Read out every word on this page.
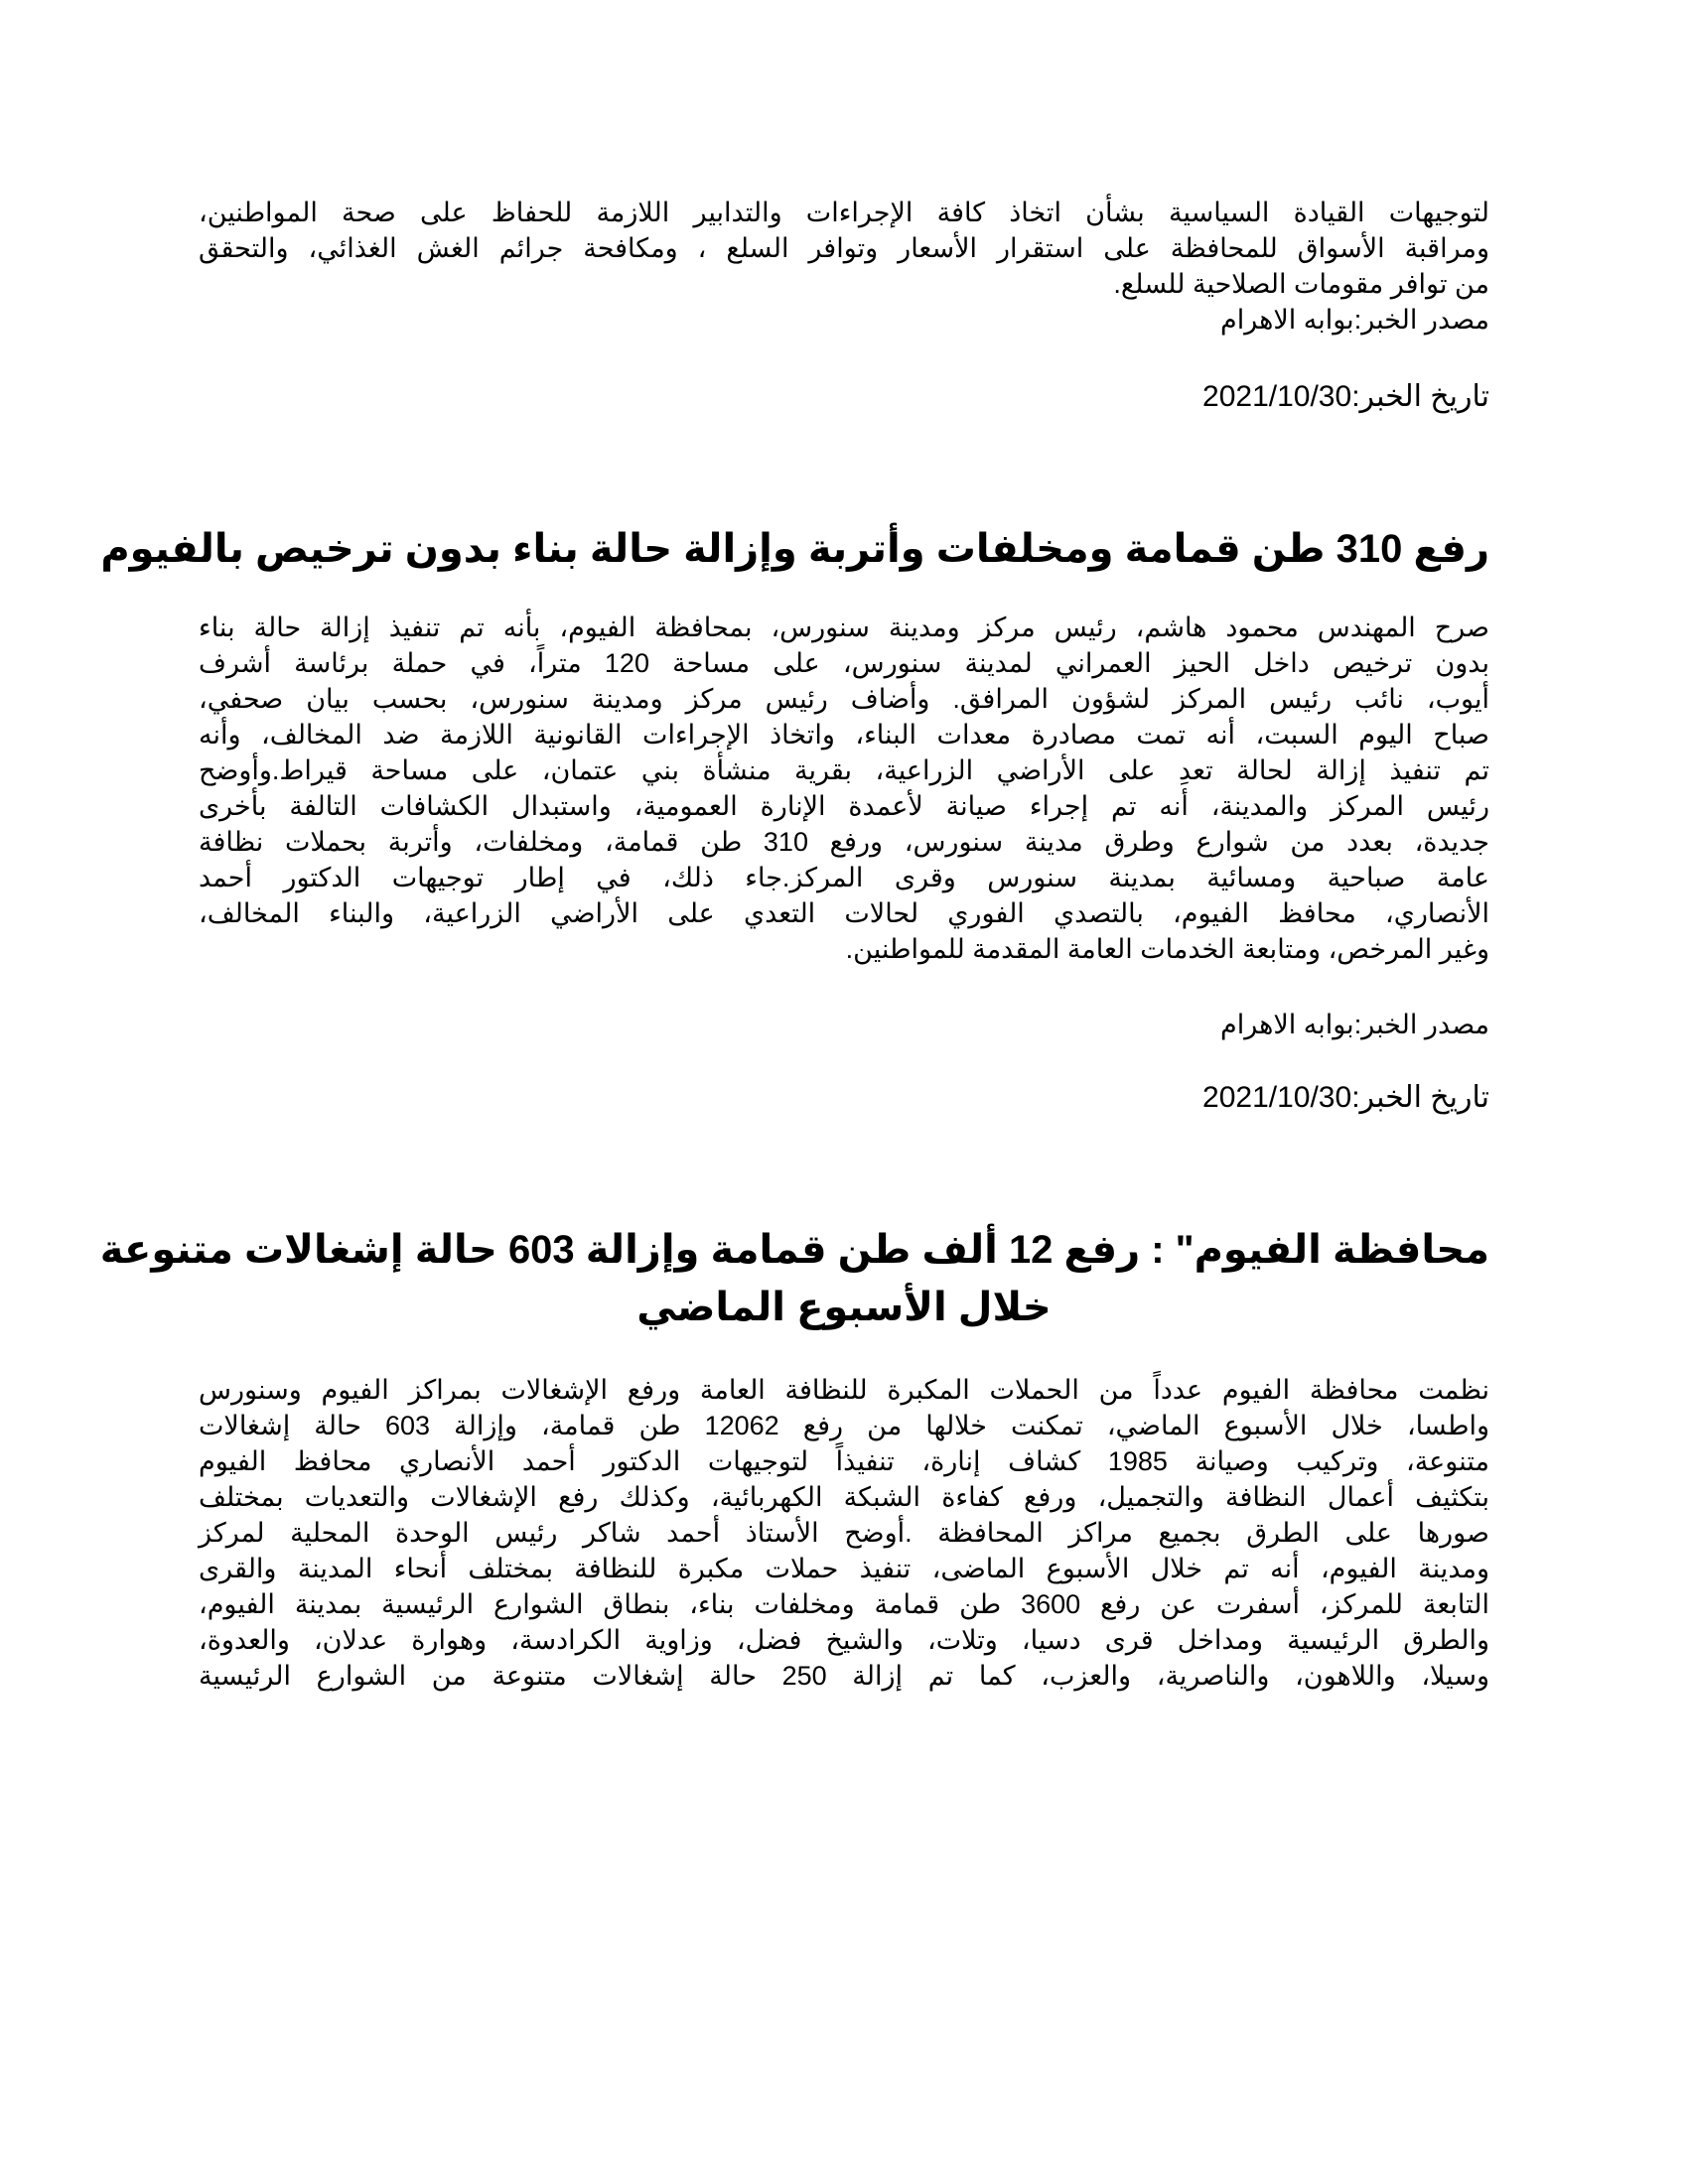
لتوجيهات القيادة السياسية بشأن اتخاذ كافة الإجراءات والتدابير اللازمة للحفاظ على صحة المواطنين،
ومراقبة الأسواق للمحافظة على استقرار الأسعار وتوافر السلع ، ومكافحة جرائم الغش الغذائي، والتحقق
من توافر مقومات الصلاحية للسلع.
مصدر الخبر:بوابه الاهرام
تاريخ الخبر:2021/10/30
رفع 310 طن قمامة ومخلفات وأتربة وإزالة حالة بناء بدون ترخيص بالفيوم
صرح المهندس محمود هاشم، رئيس مركز ومدينة سنورس، بمحافظة الفيوم، بأنه تم تنفيذ إزالة حالة بناء
بدون ترخيص داخل الحيز العمراني لمدينة سنورس، على مساحة 120 متراً، في حملة برئاسة أشرف
أيوب، نائب رئيس المركز لشؤون المرافق. وأضاف رئيس مركز ومدينة سنورس، بحسب بيان صحفي،
صباح اليوم السبت، أنه تمت مصادرة معدات البناء، واتخاذ الإجراءات القانونية اللازمة ضد المخالف، وأنه
تم تنفيذ إزالة لحالة تعدِ على الأراضي الزراعية، بقرية منشأة بني عتمان، على مساحة قيراط.وأوضح
رئيس المركز والمدينة، أنه تم إجراء صيانة لأعمدة الإنارة العمومية، واستبدال الكشافات التالفة بأخرى
جديدة، بعدد من شوارع وطرق مدينة سنورس، ورفع 310 طن قمامة، ومخلفات، وأتربة بحملات نظافة
عامة صباحية ومسائية بمدينة سنورس وقرى المركز.جاء ذلك، في إطار توجيهات الدكتور أحمد
الأنصاري، محافظ الفيوم، بالتصدي الفوري لحالات التعدي على الأراضي الزراعية، والبناء المخالف،
وغير المرخص، ومتابعة الخدمات العامة المقدمة للمواطنين.
مصدر الخبر:بوابه الاهرام
تاريخ الخبر:2021/10/30
محافظة الفيوم" : رفع 12 ألف طن قمامة وإزالة 603 حالة إشغالات متنوعة
خلال الأسبوع الماضي
نظمت محافظة الفيوم عدداً من الحملات المكبرة للنظافة العامة ورفع الإشغالات بمراكز الفيوم وسنورس
واطسا، خلال الأسبوع الماضي، تمكنت خلالها من رفع 12062 طن قمامة، وإزالة 603 حالة إشغالات
متنوعة، وتركيب وصيانة 1985 كشاف إنارة، تنفيذاً لتوجيهات الدكتور أحمد الأنصاري محافظ الفيوم
بتكثيف أعمال النظافة والتجميل، ورفع كفاءة الشبكة الكهربائية، وكذلك رفع الإشغالات والتعديات بمختلف
صورها على الطرق بجميع مراكز المحافظة .أوضح الأستاذ أحمد شاكر رئيس الوحدة المحلية لمركز
ومدينة الفيوم، أنه تم خلال الأسبوع الماضى، تنفيذ حملات مكبرة للنظافة بمختلف أنحاء المدينة والقرى
التابعة للمركز، أسفرت عن رفع 3600 طن قمامة ومخلفات بناء، بنطاق الشوارع الرئيسية بمدينة الفيوم،
والطرق الرئيسية ومداخل قرى دسيا، وتلات، والشيخ فضل، وزاوية الكرادسة، وهوارة عدلان، والعدوة،
وسيلا، واللاهون، والناصرية، والعزب، كما تم إزالة 250 حالة إشغالات متنوعة من الشوارع الرئيسية
